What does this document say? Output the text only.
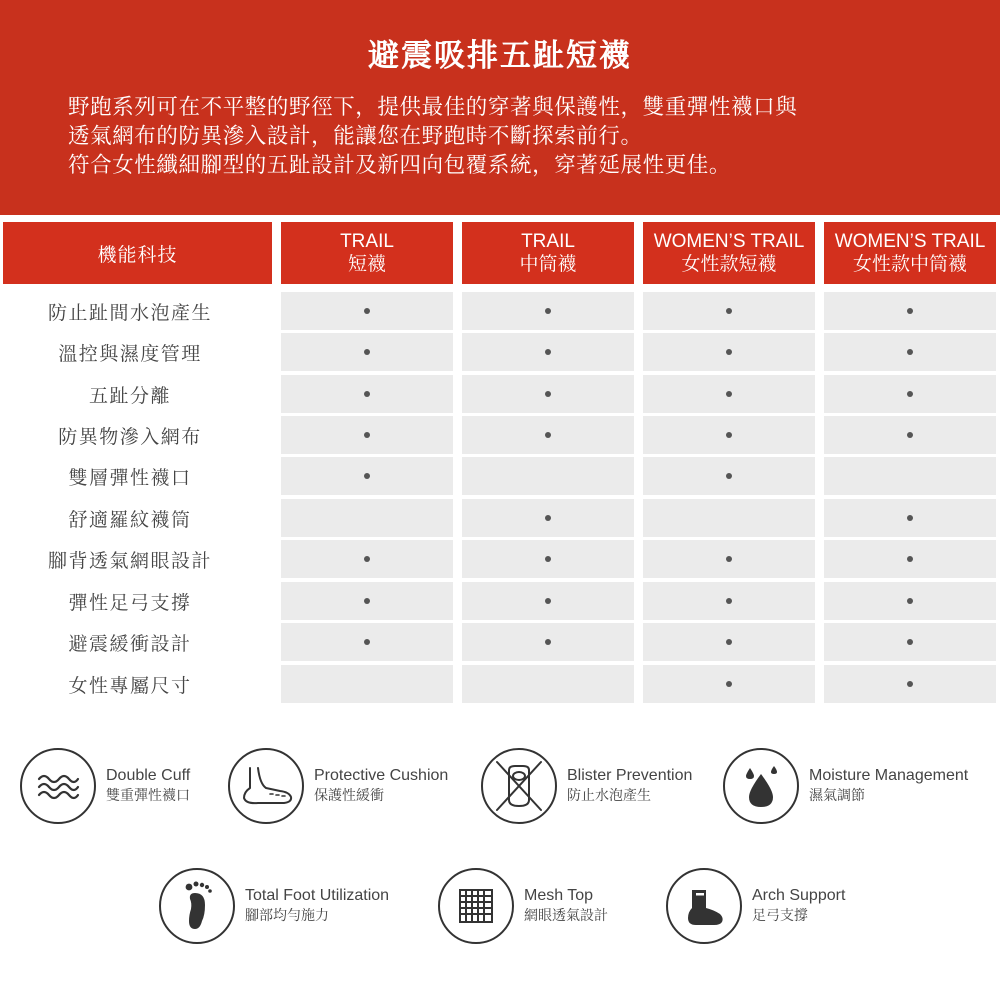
避震吸排五趾短襪
野跑系列可在不平整的野徑下，提供最佳的穿著與保護性，雙重彈性襪口與
透氣網布的防異滲入設計，能讓您在野跑時不斷探索前行。
符合女性纖細腳型的五趾設計及新四向包覆系統，穿著延展性更佳。
機能科技
TRAIL
短襪
TRAIL
中筒襪
WOMEN’S TRAIL
女性款短襪
WOMEN’S TRAIL
女性款中筒襪
防止趾間水泡產生
溫控與濕度管理
五趾分離
防異物滲入網布
雙層彈性襪口
舒適羅紋襪筒
腳背透氣網眼設計
彈性足弓支撐
避震緩衝設計
女性專屬尺寸
Double Cuff
雙重彈性襪口
Protective Cushion
保護性緩衝
Blister Prevention
防止水泡產生
Moisture Management
濕氣調節
Total Foot Utilization
腳部均勻施力
Mesh Top
網眼透氣設計
Arch Support
足弓支撐
